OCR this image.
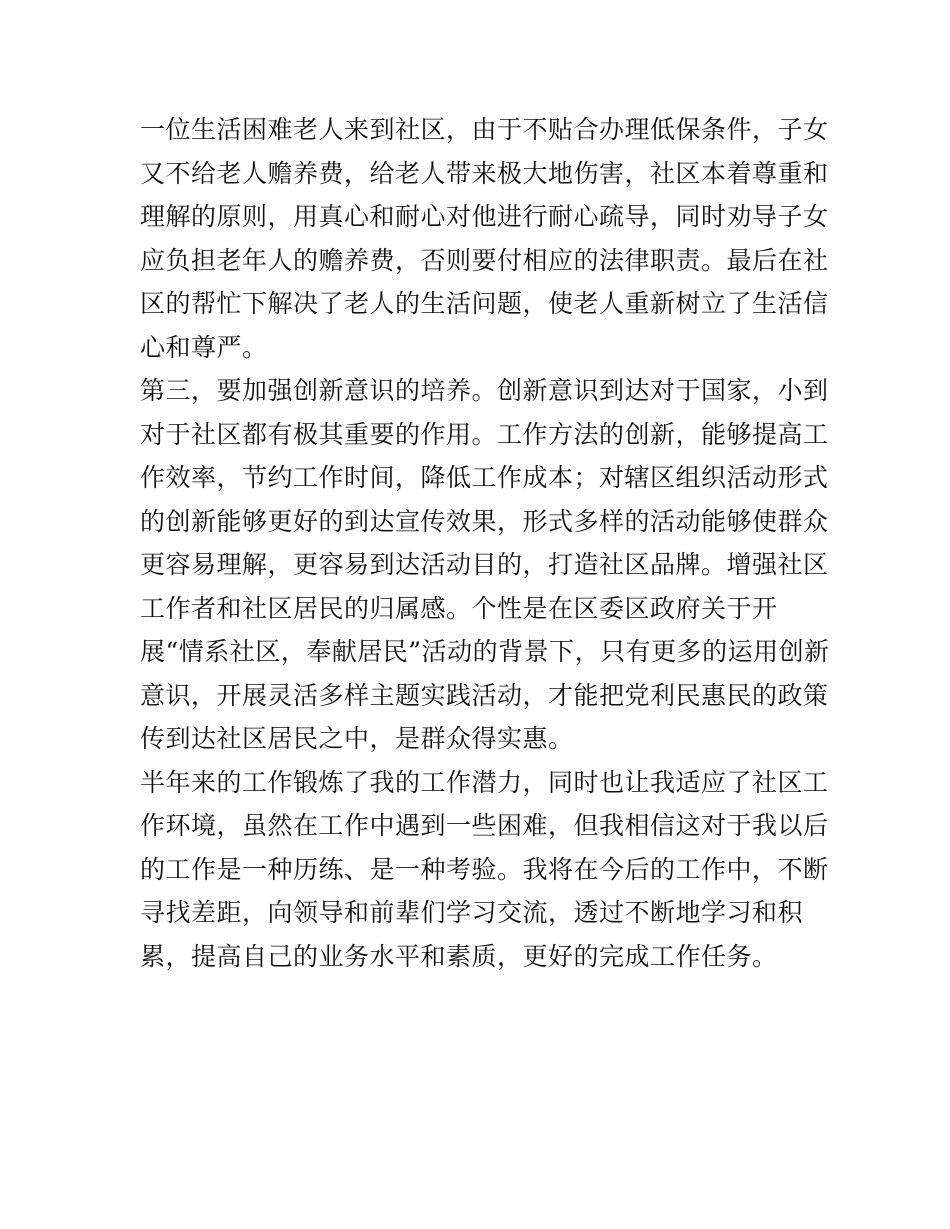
一位生活困难老人来到社区，由于不贴合办理低保条件，子女
又不给老人赡养费，给老人带来极大地伤害，社区本着尊重和
理解的原则，用真心和耐心对他进行耐心疏导，同时劝导子女
应负担老年人的赡养费，否则要付相应的法律职责。最后在社
区的帮忙下解决了老人的生活问题，使老人重新树立了生活信
心和尊严。
第三，要加强创新意识的培养。创新意识到达对于国家，小到
对于社区都有极其重要的作用。工作方法的创新，能够提高工
作效率，节约工作时间，降低工作成本；对辖区组织活动形式
的创新能够更好的到达宣传效果，形式多样的活动能够使群众
更容易理解，更容易到达活动目的，打造社区品牌。增强社区
工作者和社区居民的归属感。个性是在区委区政府关于开
展“情系社区，奉献居民”活动的背景下，只有更多的运用创新
意识，开展灵活多样主题实践活动，才能把党利民惠民的政策
传到达社区居民之中，是群众得实惠。
半年来的工作锻炼了我的工作潜力，同时也让我适应了社区工
作环境，虽然在工作中遇到一些困难，但我相信这对于我以后
的工作是一种历练、是一种考验。我将在今后的工作中，不断
寻找差距，向领导和前辈们学习交流，透过不断地学习和积
累，提高自己的业务水平和素质，更好的完成工作任务。
